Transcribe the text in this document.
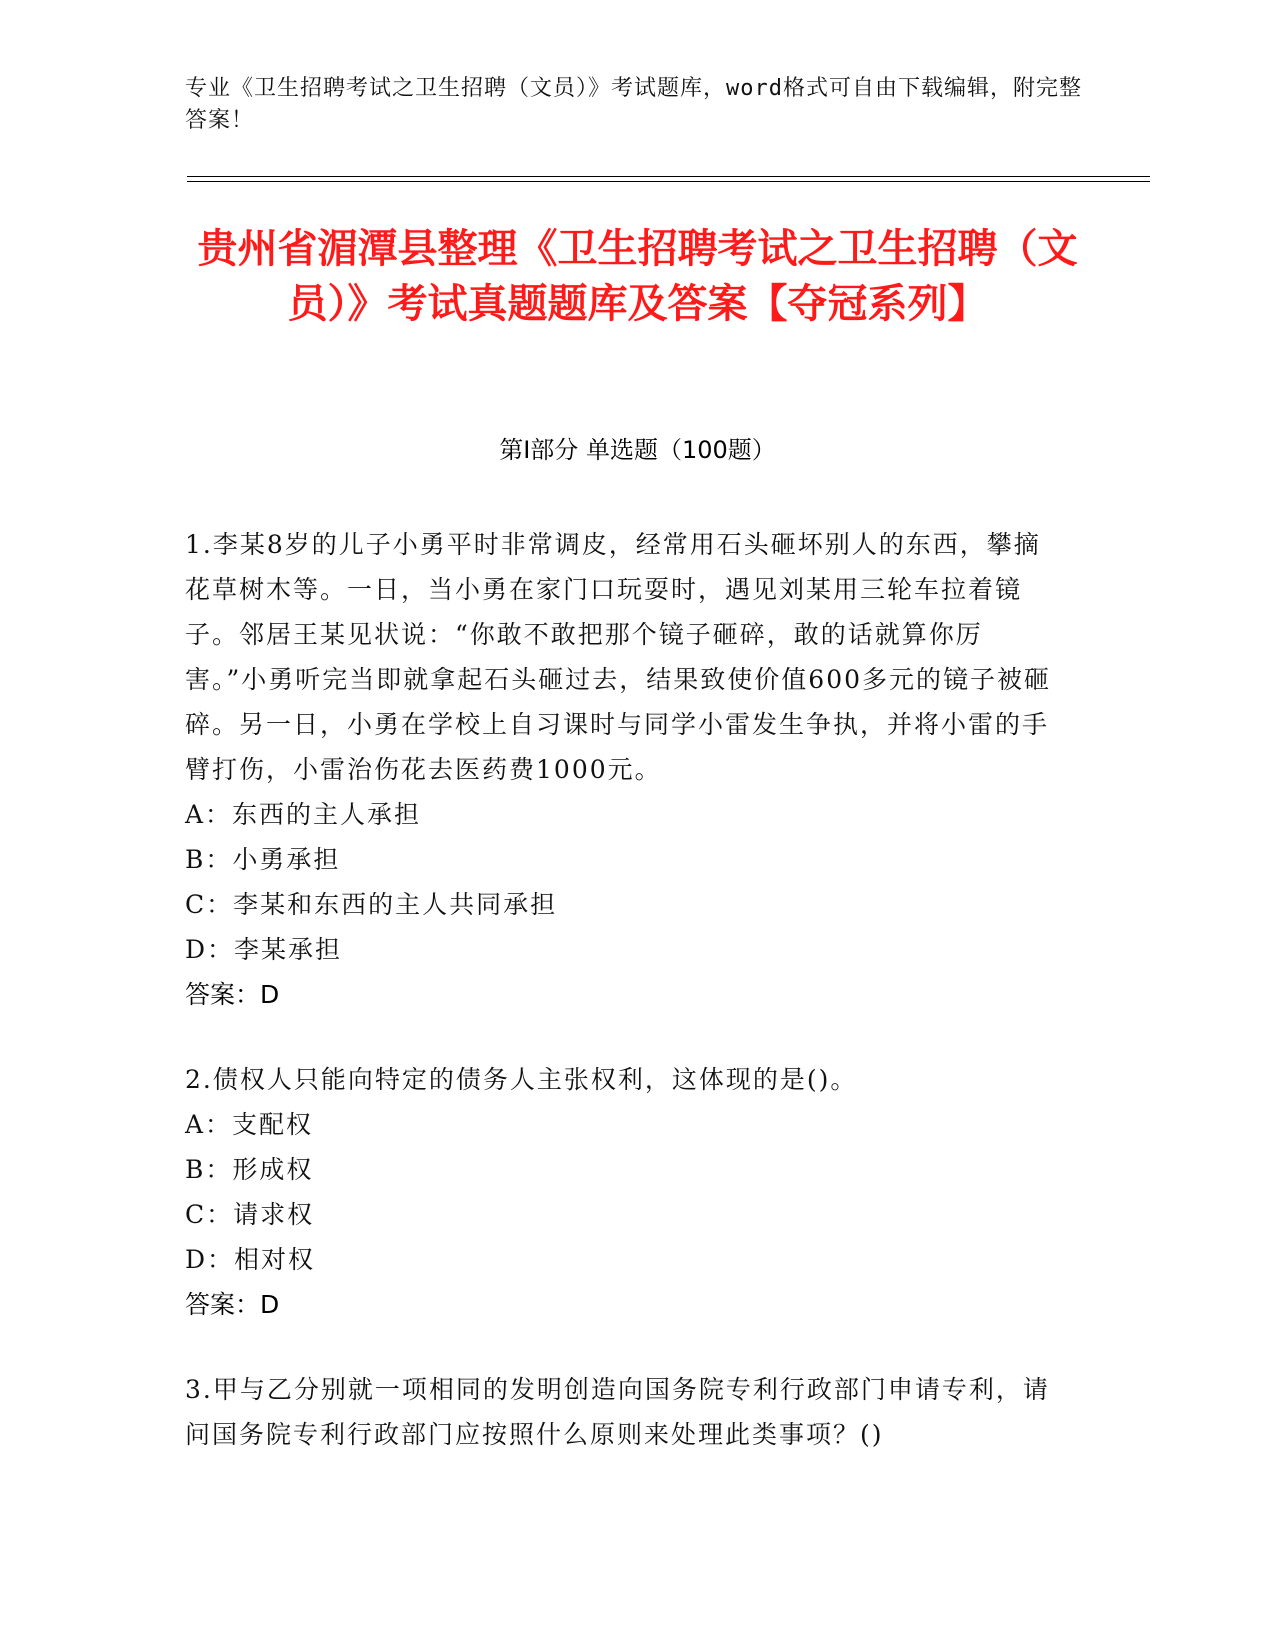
专业《卫生招聘考试之卫生招聘（文员）》考试题库，word格式可自由下载编辑，附完整答案！
贵州省湄潭县整理《卫生招聘考试之卫生招聘（文员）》考试真题题库及答案【夺冠系列】
第I部分 单选题（100题）

1.李某8岁的儿子小勇平时非常调皮，经常用石头砸坏别人的东西，攀摘花草树木等。一日，当小勇在家门口玩耍时，遇见刘某用三轮车拉着镜子。邻居王某见状说：“你敢不敢把那个镜子砸碎，敢的话就算你厉害。”小勇听完当即就拿起石头砸过去，结果致使价值600多元的镜子被砸碎。另一日，小勇在学校上自习课时与同学小雷发生争执，并将小雷的手臂打伤，小雷治伤花去医药费1000元。

A：东西的主人承担

B：小勇承担

C：李某和东西的主人共同承担

D：李某承担

答案：D

2.债权人只能向特定的债务人主张权利，这体现的是()。

A：支配权

B：形成权

C：请求权

D：相对权

答案：D

3.甲与乙分别就一项相同的发明创造向国务院专利行政部门申请专利，请问国务院专利行政部门应按照什么原则来处理此类事项？()
